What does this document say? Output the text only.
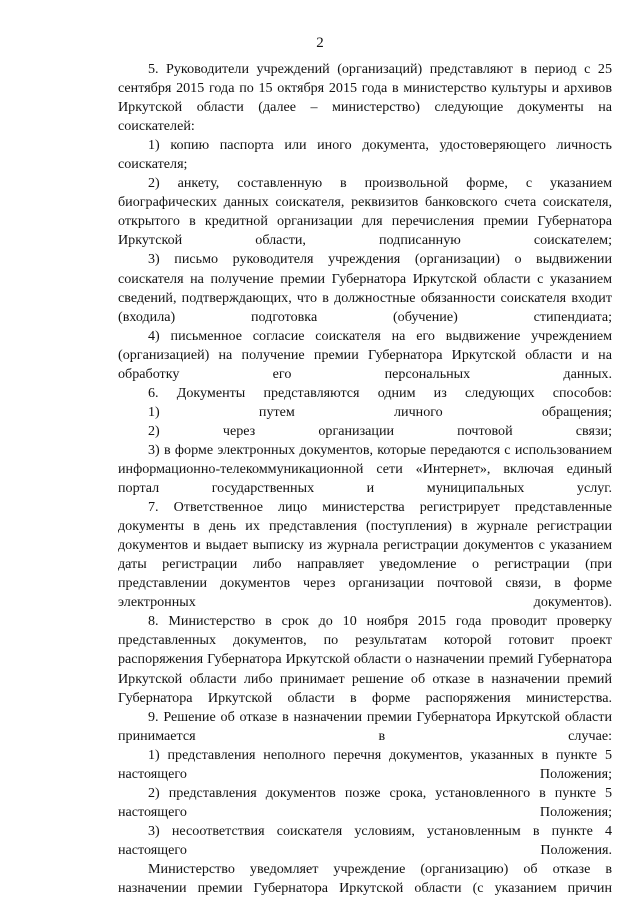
2

5. Руководители учреждений (организаций) представляют в период с 25 сентября 2015 года по 15 октября 2015 года в министерство культуры и архивов Иркутской области (далее – министерство) следующие документы на соискателей:

1) копию паспорта или иного документа, удостоверяющего личность соискателя;

2) анкету, составленную в произвольной форме, с указанием биографических данных соискателя, реквизитов банковского счета соискателя, открытого в кредитной организации для перечисления премии Губернатора Иркутской области, подписанную соискателем;

3) письмо руководителя учреждения (организации) о выдвижении соискателя на получение премии Губернатора Иркутской области с указанием сведений, подтверждающих, что в должностные обязанности соискателя входит (входила) подготовка (обучение) стипендиата;

4) письменное согласие соискателя на его выдвижение учреждением (организацией) на получение премии Губернатора Иркутской области и на обработку его персональных данных.

6. Документы представляются одним из следующих способов:

1) путем личного обращения;

2) через организации почтовой связи;

3) в форме электронных документов, которые передаются с использованием информационно-телекоммуникационной сети «Интернет», включая единый портал государственных и муниципальных услуг.

7. Ответственное лицо министерства регистрирует представленные документы в день их представления (поступления) в журнале регистрации документов и выдает выписку из журнала регистрации документов с указанием даты регистрации либо направляет уведомление о регистрации (при представлении документов через организации почтовой связи, в форме электронных документов).

8. Министерство в срок до 10 ноября 2015 года проводит проверку представленных документов, по результатам которой готовит проект распоряжения Губернатора Иркутской области о назначении премий Губернатора Иркутской области либо принимает решение об отказе в назначении премий Губернатора Иркутской области в форме распоряжения министерства.

9. Решение об отказе в назначении премии Губернатора Иркутской области принимается в случае:

1) представления неполного перечня документов, указанных в пункте 5 настоящего Положения;

2) представления документов позже срока, установленного в пункте 5 настоящего Положения;

3) несоответствия соискателя условиям, установленным в пункте 4 настоящего Положения.

Министерство уведомляет учреждение (организацию) об отказе в назначении премии Губернатора Иркутской области (с указанием причин
